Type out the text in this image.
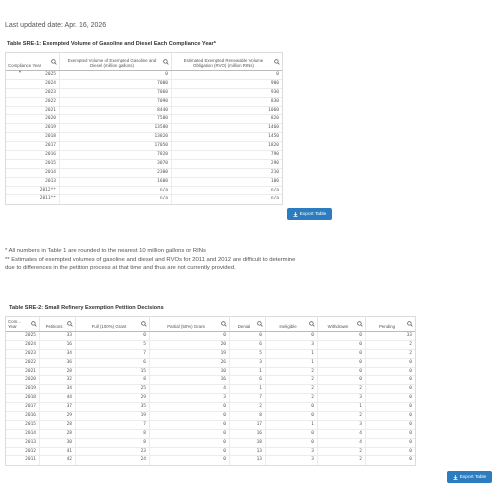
Last updated date: Apr. 16, 2026
Table SRE-1: Exempted Volume of Gasoline and Diesel Each Compliance Year*
Compliance Year
▼
Exempted Volume of Exempted Gasoline and Diesel (million gallons)
Estimated Exempted Renewable Volume Obligation (RVO) (million RINs)
2025	0	0
2024	7000	900
2023	7060	930
2022	7090	830
2021	8440	1060
2020	7580	820
2019	13580	1460
2018	13820	1450
2017	17050	1820
2016	7820	790
2015	3070	290
2014	2300	210
2013	1600	100
2012**	n/a	n/a
2011**	n/a	n/a
Export Table
* All numbers in Table 1 are rounded to the nearest 10 million gallons or RINs
** Estimates of exempted volumes of gasoline and diesel and RVOs for 2011 and 2012 are difficult to determine due to differences in the petition process at that time and thus are not currently provided.
Table SRE-2: Small Refinery Exemption Petition Decisions
Com... Year	Petitions	Full (100%) Grant	Partial (50%) Grant	Denial	Ineligible	Withdrawn	Pending
2025	33	0	0	0	0	0	33
2024	16	5	20	6	3	0	2
2023	34	7	19	5	1	0	2
2022	36	6	26	3	1	0	0
2021	28	15	10	1	2	0	0
2020	32	8	16	6	2	0	0
2019	34	25	4	1	2	2	0
2018	44	29	3	7	2	3	0
2017	37	35	0	2	0	1	0
2016	29	19	0	8	0	2	0
2015	28	7	0	17	1	3	0
2014	28	8	0	16	0	4	0
2013	30	8	0	18	0	4	0
2012	41	23	0	13	3	2	0
2011	42	24	0	13	3	2	0
Export Table
